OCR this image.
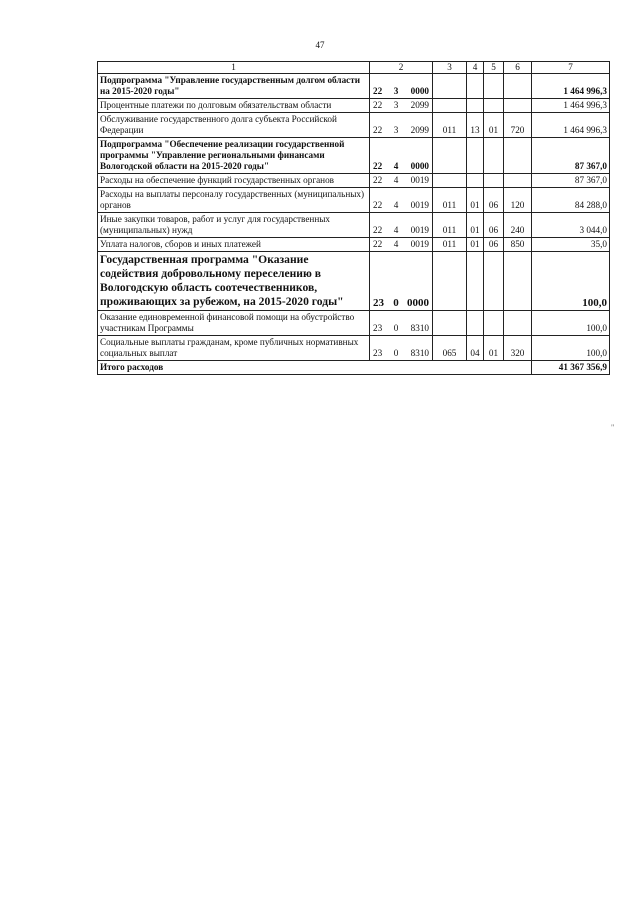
47
1	2	3	4	5	6	7
Подпрограмма "Управление государственным долгом области на 2015-2020 годы"	22 3 0000					1 464 996,3
Процентные платежи по долговым обязательствам области	22 3 2099					1 464 996,3
Обслуживание государственного долга субъекта Российской Федерации	22 3 2099	011	13	01	720	1 464 996,3
Подпрограмма "Обеспечение реализации государственной программы "Управление региональными финансами Вологодской области на 2015-2020 годы"	22 4 0000					87 367,0
Расходы на обеспечение функций государственных органов	22 4 0019					87 367,0
Расходы на выплаты персоналу государственных (муниципальных) органов	22 4 0019	011	01	06	120	84 288,0
Иные закупки товаров, работ и услуг для государственных (муниципальных) нужд	22 4 0019	011	01	06	240	3 044,0
Уплата налогов, сборов и иных платежей	22 4 0019	011	01	06	850	35,0
Государственная программа "Оказание содействия добровольному переселению в Вологодскую область соотечественников, проживающих за рубежом, на 2015-2020 годы"	23 0 0000					100,0
Оказание единовременной финансовой помощи на обустройство участникам Программы	23 0 8310					100,0
Социальные выплаты гражданам, кроме публичных нормативных социальных выплат	23 0 8310	065	04	01	320	100,0
Итого расходов						41 367 356,9
"
